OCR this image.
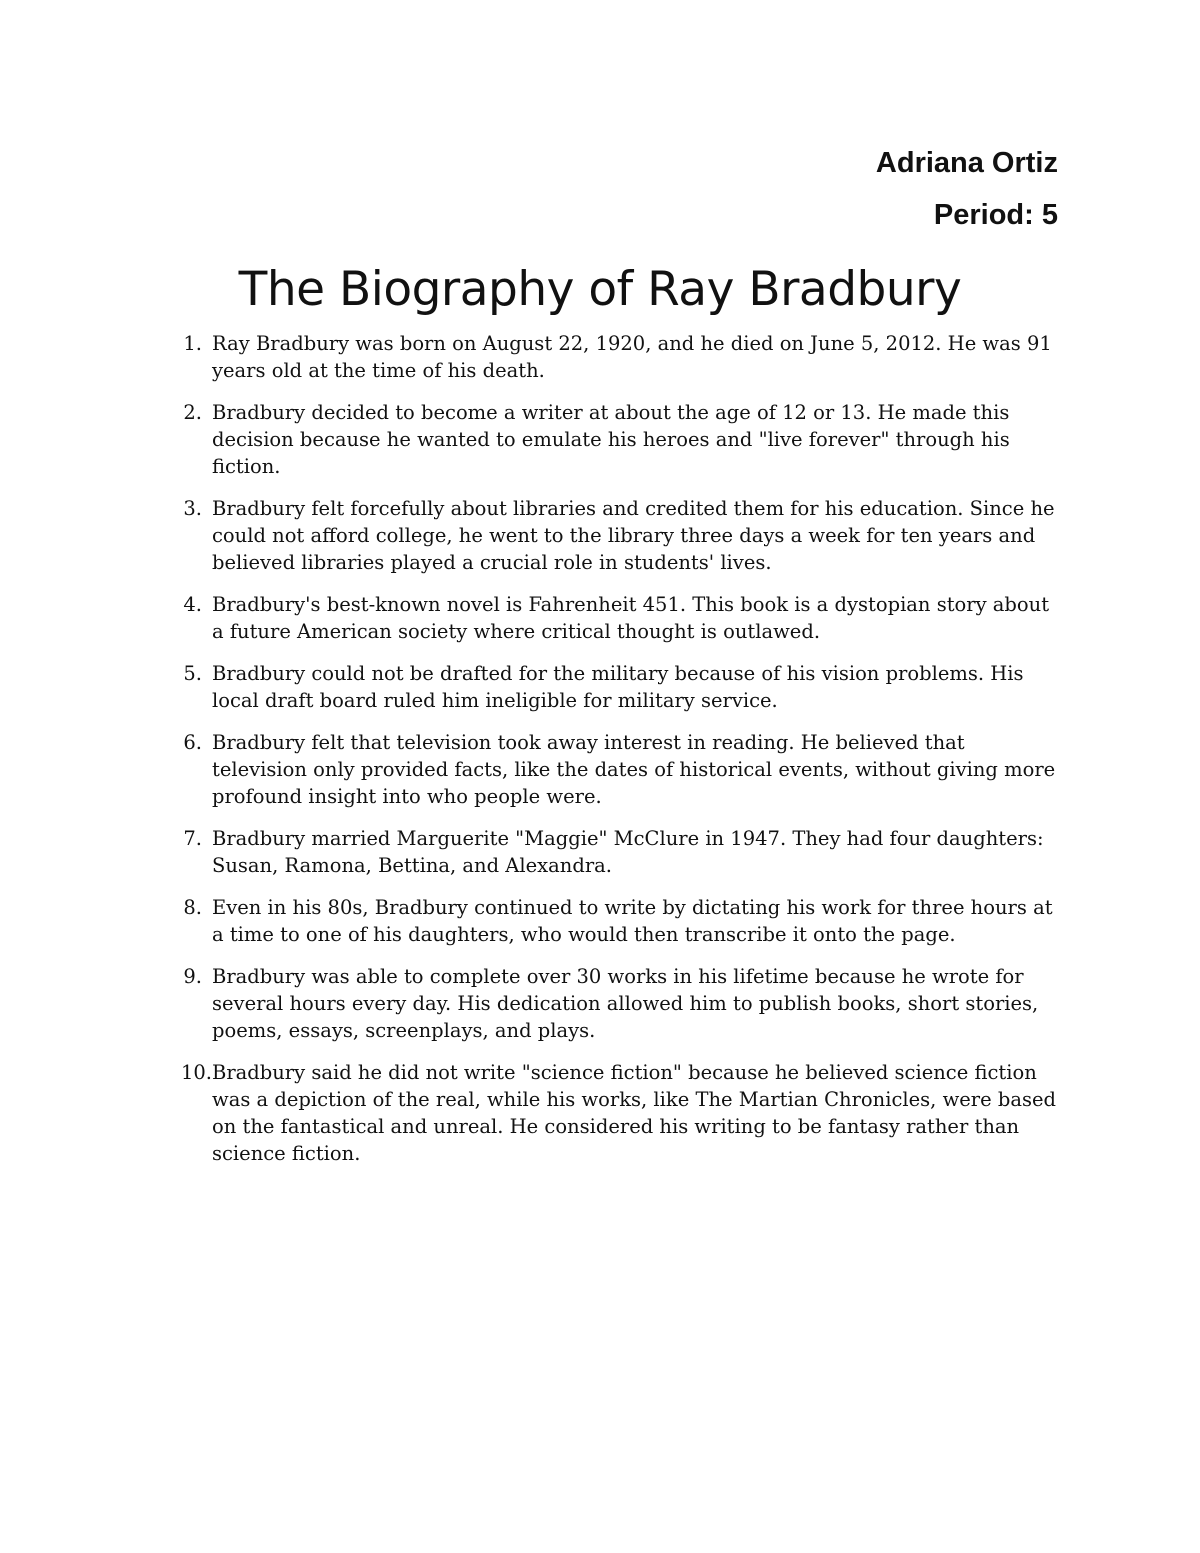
Adriana Ortiz
Period: 5
The Biography of Ray Bradbury
1. Ray Bradbury was born on August 22, 1920, and he died on June 5, 2012. He was 91 years old at the time of his death.
2. Bradbury decided to become a writer at about the age of 12 or 13. He made this decision because he wanted to emulate his heroes and "live forever" through his fiction.
3. Bradbury felt forcefully about libraries and credited them for his education. Since he could not afford college, he went to the library three days a week for ten years and believed libraries played a crucial role in students' lives.
4. Bradbury's best-known novel is Fahrenheit 451. This book is a dystopian story about a future American society where critical thought is outlawed.
5. Bradbury could not be drafted for the military because of his vision problems. His local draft board ruled him ineligible for military service.
6. Bradbury felt that television took away interest in reading. He believed that television only provided facts, like the dates of historical events, without giving more profound insight into who people were.
7. Bradbury married Marguerite "Maggie" McClure in 1947. They had four daughters: Susan, Ramona, Bettina, and Alexandra.
8. Even in his 80s, Bradbury continued to write by dictating his work for three hours at a time to one of his daughters, who would then transcribe it onto the page.
9. Bradbury was able to complete over 30 works in his lifetime because he wrote for several hours every day. His dedication allowed him to publish books, short stories, poems, essays, screenplays, and plays.
10. Bradbury said he did not write "science fiction" because he believed science fiction was a depiction of the real, while his works, like The Martian Chronicles, were based on the fantastical and unreal. He considered his writing to be fantasy rather than science fiction.
